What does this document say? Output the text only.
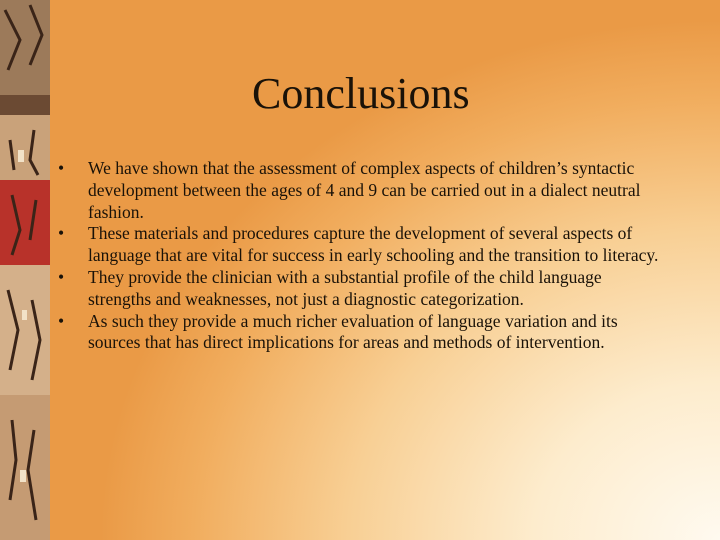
Conclusions
• We have shown that the assessment of complex aspects of children’s syntactic development between the ages of 4 and 9 can be carried out in a dialect neutral fashion.
• These materials and procedures capture the development of several aspects of language that are vital for success in early schooling and the transition to literacy.
• They provide the clinician with a substantial profile of the child language strengths and weaknesses, not just a diagnostic categorization.
• As such they provide a much richer evaluation of language variation and its sources that has direct implications for areas and methods of intervention.
